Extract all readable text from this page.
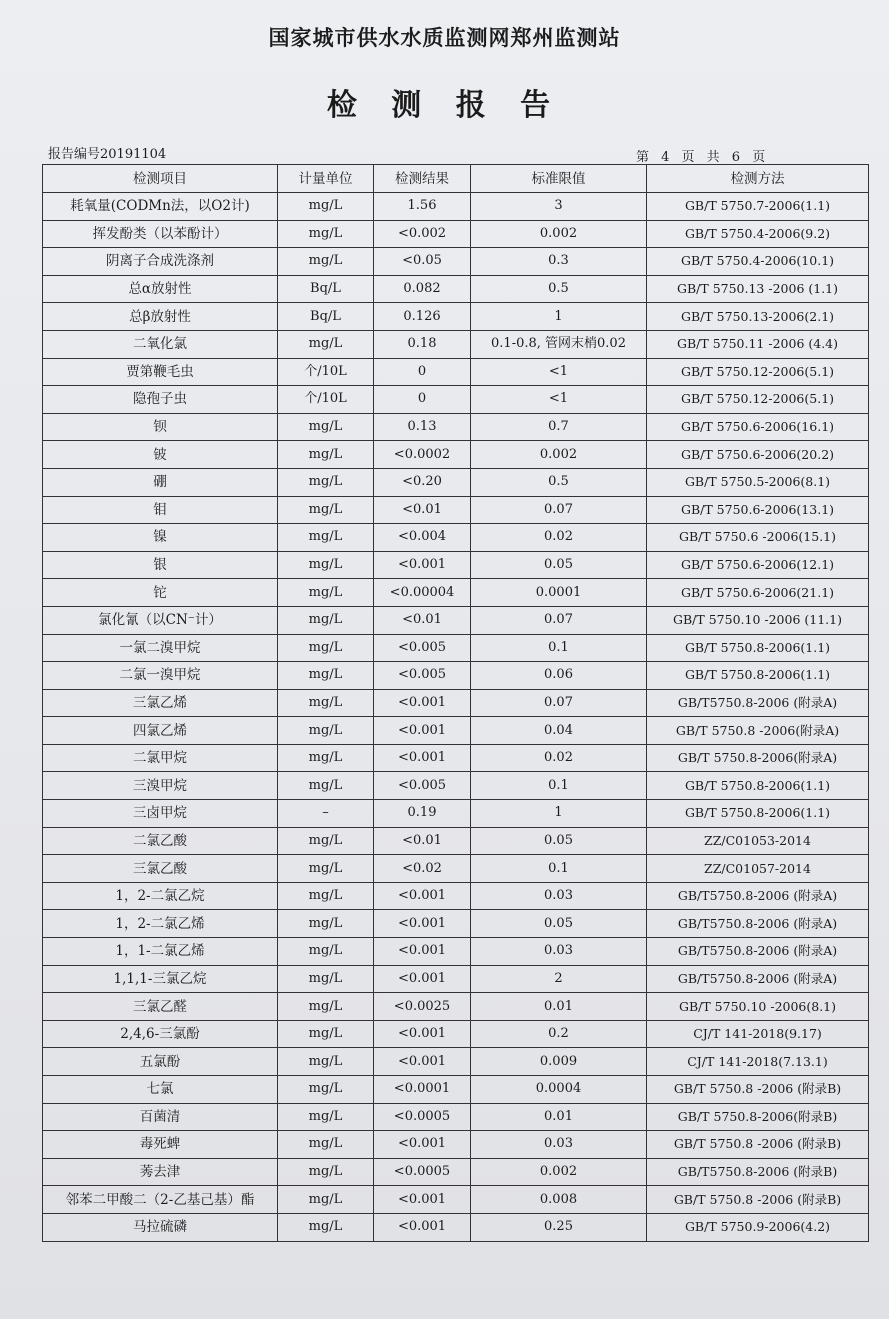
国家城市供水水质监测网郑州监测站
检 测 报 告
报告编号20191104	第 4 页 共 6 页
检测项目	计量单位	检测结果	标准限值	检测方法
耗氧量(CODMn法，以O2计)	mg/L	1.56	3	GB/T 5750.7-2006(1.1)
挥发酚类（以苯酚计）	mg/L	<0.002	0.002	GB/T 5750.4-2006(9.2)
阴离子合成洗涤剂	mg/L	<0.05	0.3	GB/T 5750.4-2006(10.1)
总α放射性	Bq/L	0.082	0.5	GB/T 5750.13 -2006 (1.1)
总β放射性	Bq/L	0.126	1	GB/T 5750.13-2006(2.1)
二氧化氯	mg/L	0.18	0.1-0.8, 管网末梢0.02	GB/T 5750.11 -2006 (4.4)
贾第鞭毛虫	个/10L	0	<1	GB/T 5750.12-2006(5.1)
隐孢子虫	个/10L	0	<1	GB/T 5750.12-2006(5.1)
钡	mg/L	0.13	0.7	GB/T 5750.6-2006(16.1)
铍	mg/L	<0.0002	0.002	GB/T 5750.6-2006(20.2)
硼	mg/L	<0.20	0.5	GB/T 5750.5-2006(8.1)
钼	mg/L	<0.01	0.07	GB/T 5750.6-2006(13.1)
镍	mg/L	<0.004	0.02	GB/T 5750.6 -2006(15.1)
银	mg/L	<0.001	0.05	GB/T 5750.6-2006(12.1)
铊	mg/L	<0.00004	0.0001	GB/T 5750.6-2006(21.1)
氯化氰（以CN⁻计）	mg/L	<0.01	0.07	GB/T 5750.10 -2006 (11.1)
一氯二溴甲烷	mg/L	<0.005	0.1	GB/T 5750.8-2006(1.1)
二氯一溴甲烷	mg/L	<0.005	0.06	GB/T 5750.8-2006(1.1)
三氯乙烯	mg/L	<0.001	0.07	GB/T5750.8-2006 (附录A)
四氯乙烯	mg/L	<0.001	0.04	GB/T 5750.8 -2006(附录A)
二氯甲烷	mg/L	<0.001	0.02	GB/T 5750.8-2006(附录A)
三溴甲烷	mg/L	<0.005	0.1	GB/T 5750.8-2006(1.1)
三卤甲烷	–	0.19	1	GB/T 5750.8-2006(1.1)
二氯乙酸	mg/L	<0.01	0.05	ZZ/C01053-2014
三氯乙酸	mg/L	<0.02	0.1	ZZ/C01057-2014
1，2-二氯乙烷	mg/L	<0.001	0.03	GB/T5750.8-2006 (附录A)
1，2-二氯乙烯	mg/L	<0.001	0.05	GB/T5750.8-2006 (附录A)
1，1-二氯乙烯	mg/L	<0.001	0.03	GB/T5750.8-2006 (附录A)
1,1,1-三氯乙烷	mg/L	<0.001	2	GB/T5750.8-2006 (附录A)
三氯乙醛	mg/L	<0.0025	0.01	GB/T 5750.10 -2006(8.1)
2,4,6-三氯酚	mg/L	<0.001	0.2	CJ/T 141-2018(9.17)
五氯酚	mg/L	<0.001	0.009	CJ/T 141-2018(7.13.1)
七氯	mg/L	<0.0001	0.0004	GB/T 5750.8 -2006 (附录B)
百菌清	mg/L	<0.0005	0.01	GB/T 5750.8-2006(附录B)
毒死蜱	mg/L	<0.001	0.03	GB/T 5750.8 -2006 (附录B)
莠去津	mg/L	<0.0005	0.002	GB/T5750.8-2006 (附录B)
邻苯二甲酸二（2-乙基己基）酯	mg/L	<0.001	0.008	GB/T 5750.8 -2006 (附录B)
马拉硫磷	mg/L	<0.001	0.25	GB/T 5750.9-2006(4.2)
